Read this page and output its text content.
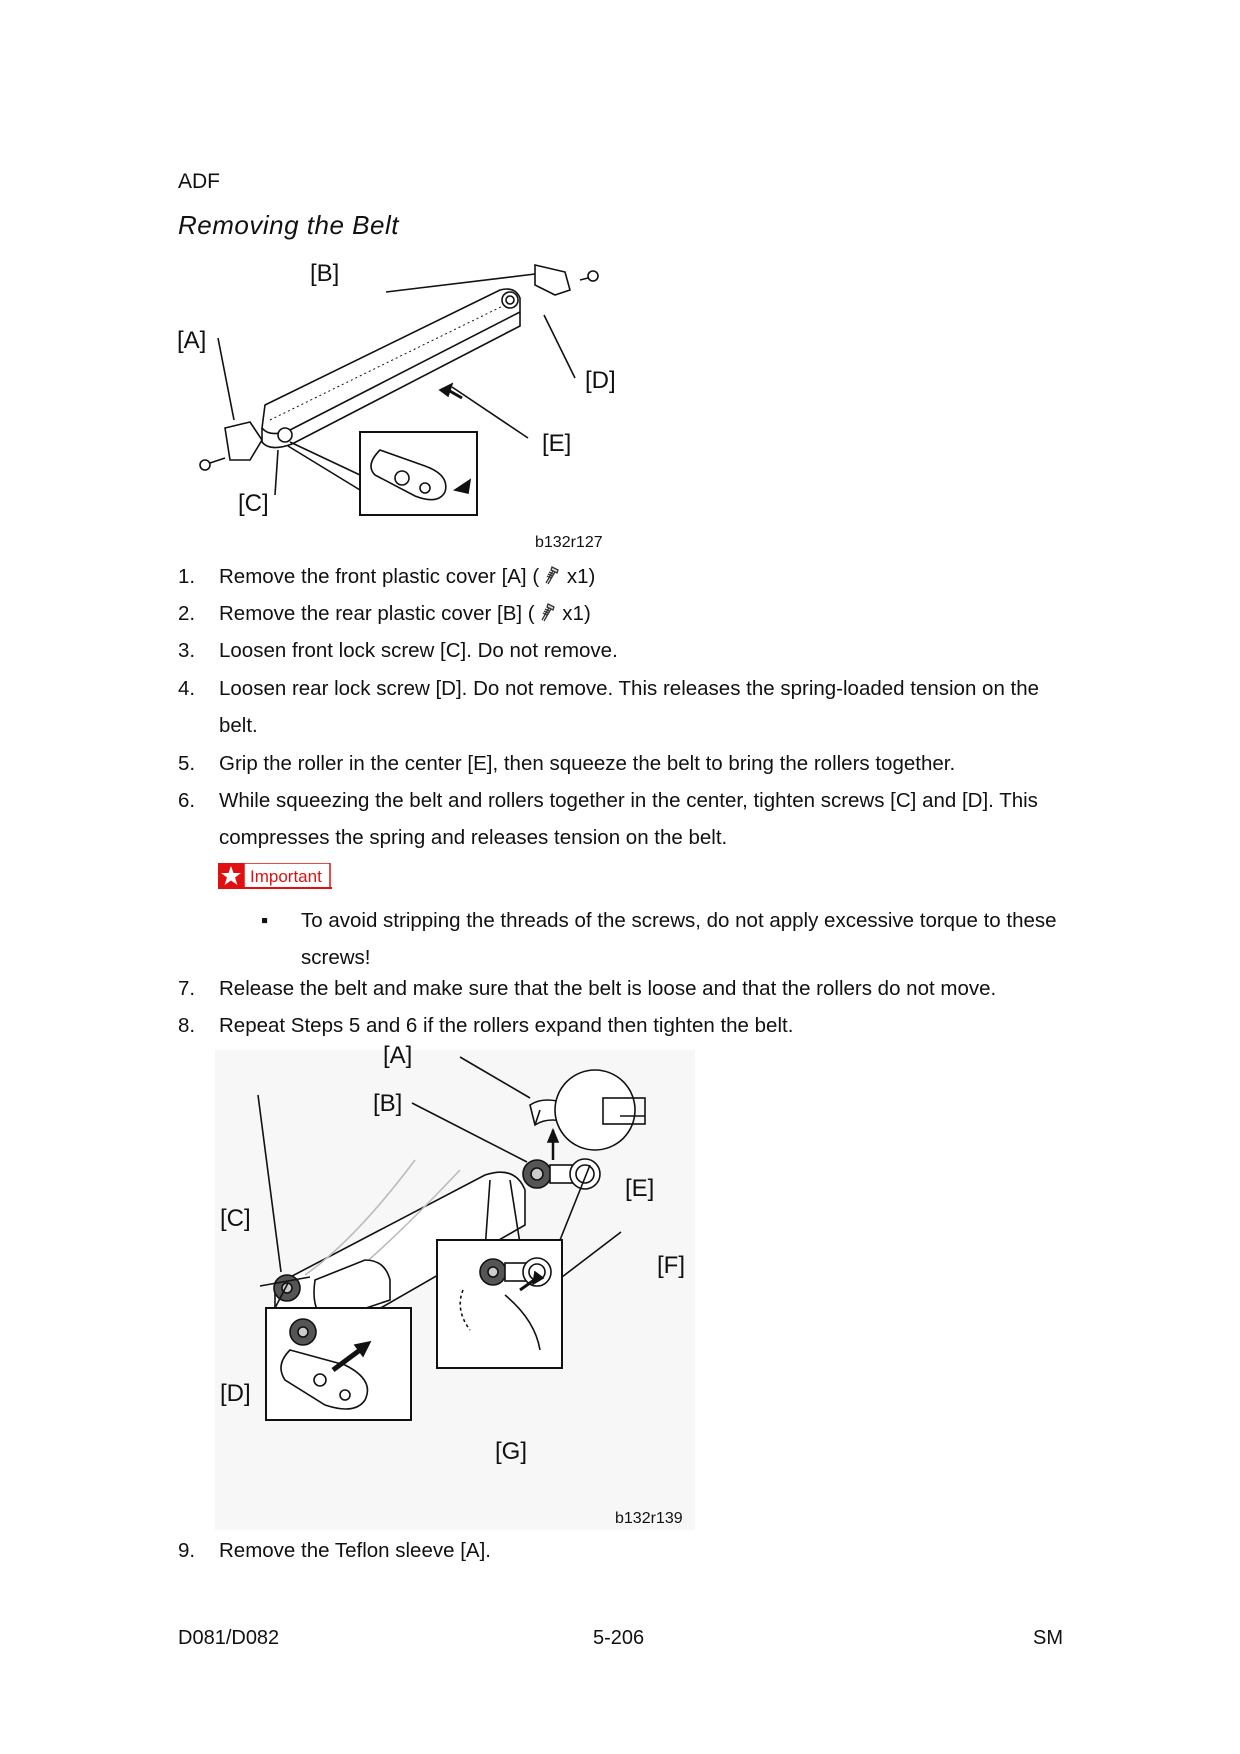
ADF
Removing the Belt
[B]
[A]
[D]
[E]
[C]
b132r127
1. Remove the front plastic cover [A] ( x1)
2. Remove the rear plastic cover [B] ( x1)
3. Loosen front lock screw [C]. Do not remove.
4. Loosen rear lock screw [D]. Do not remove. This releases the spring-loaded tension on the belt.
5. Grip the roller in the center [E], then squeeze the belt to bring the rollers together.
6. While squeezing the belt and rollers together in the center, tighten screws [C] and [D]. This compresses the spring and releases tension on the belt.
Important
▪ To avoid stripping the threads of the screws, do not apply excessive torque to these screws!
7. Release the belt and make sure that the belt is loose and that the rollers do not move.
8. Repeat Steps 5 and 6 if the rollers expand then tighten the belt.
[A]
[B]
[C]
[E]
[F]
[D]
[G]
b132r139
9. Remove the Teflon sleeve [A].
D081/D082	5-206	SM
